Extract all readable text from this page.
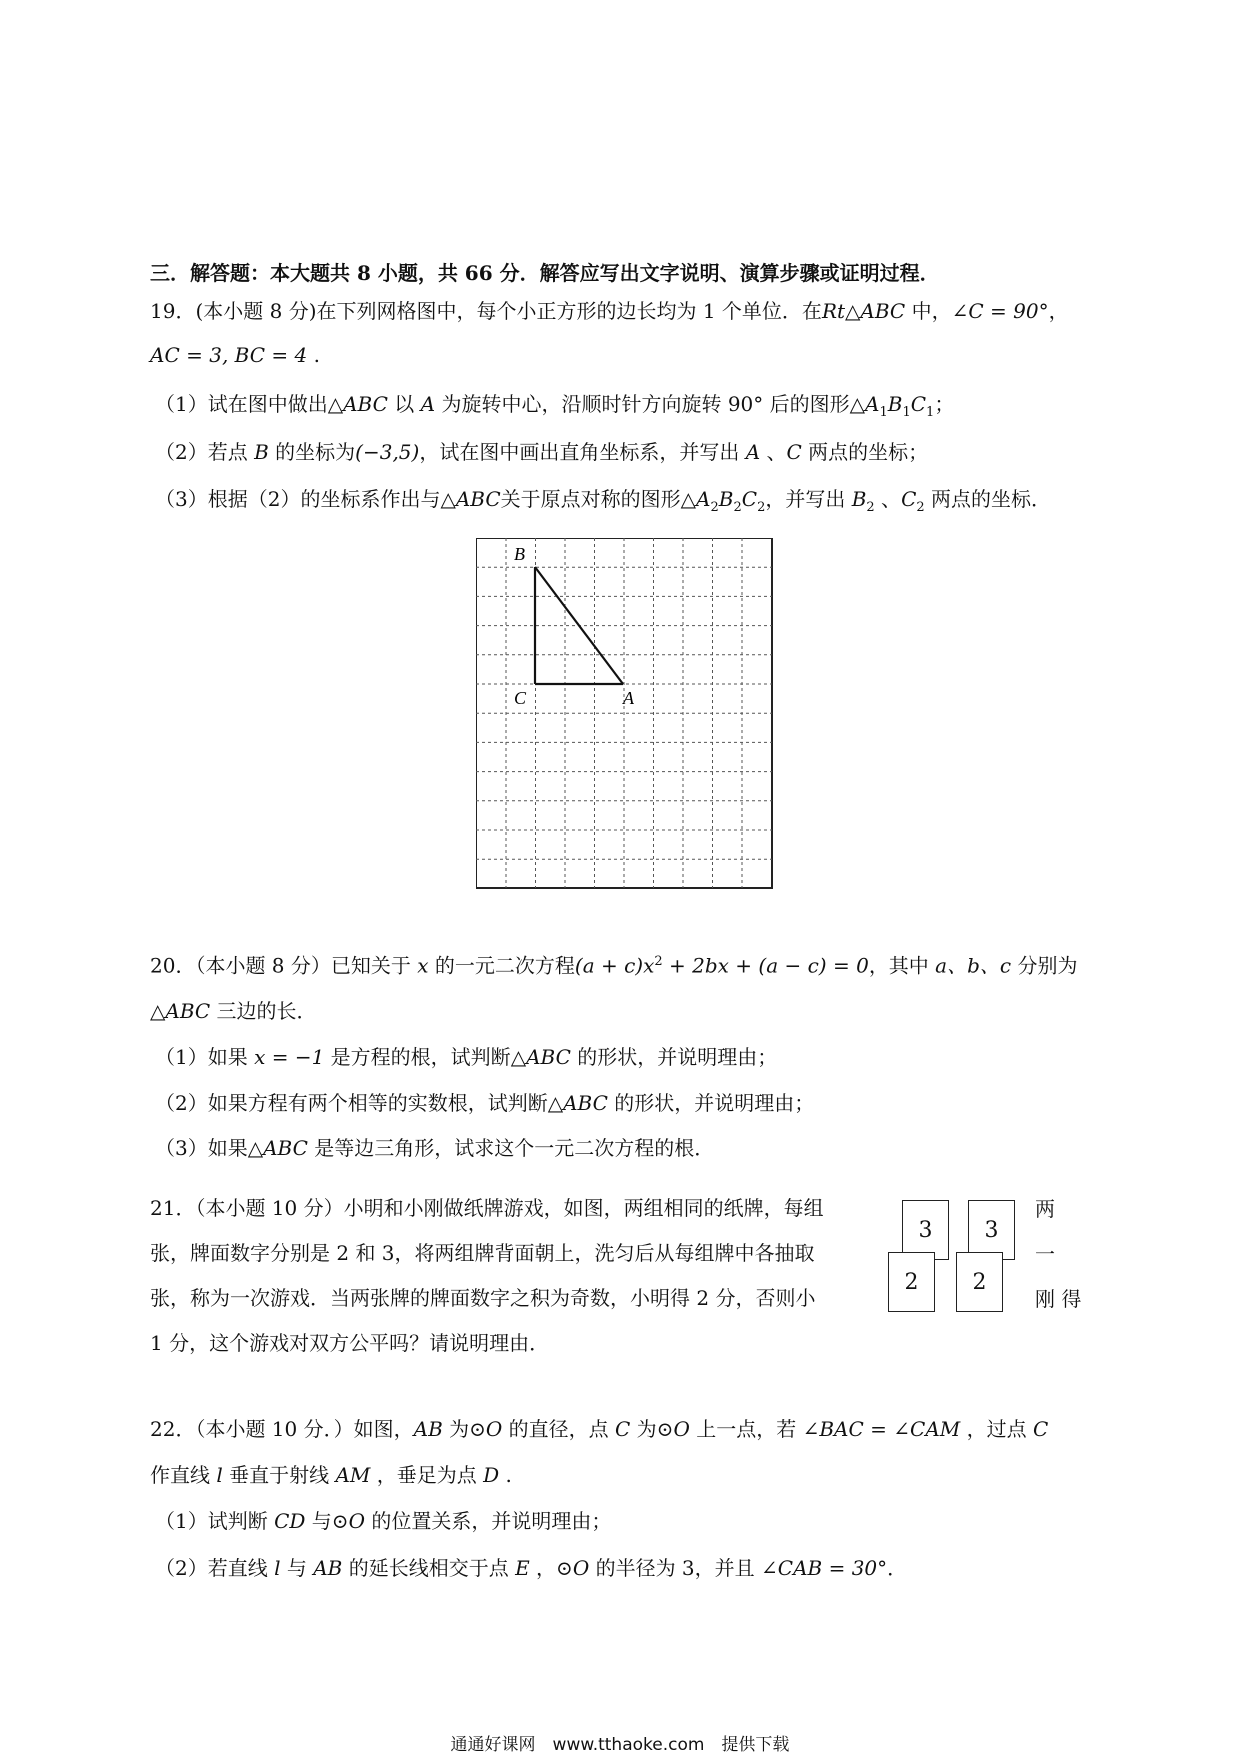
三．解答题：本大题共 8 小题，共 66 分．解答应写出文字说明、演算步骤或证明过程．
19．(本小题 8 分)在下列网格图中，每个小正方形的边长均为 1 个单位．在Rt△ABC 中，∠C = 90°，
AC = 3, BC = 4 .
（1）试在图中做出△ABC 以 A 为旋转中心，沿顺时针方向旋转 90° 后的图形$\triangle A_1B_1C_1$；
（2）若点 B 的坐标为(−3,5)，试在图中画出直角坐标系，并写出 A 、C 两点的坐标；
（3）根据（2）的坐标系作出与△ABC关于原点对称的图形$\triangle A_2B_2C_2$，并写出 $B_2$ 、$C_2$ 两点的坐标．
B
C	A
20．（本小题 8 分）已知关于 x 的一元二次方程$(a + c)x^2 + 2bx + (a - c) = 0$，其中 a、b、c 分别为
△ABC 三边的长．
（1）如果 x = −1 是方程的根，试判断△ABC 的形状，并说明理由；
（2）如果方程有两个相等的实数根，试判断△ABC 的形状，并说明理由；
（3）如果△ABC 是等边三角形，试求这个一元二次方程的根．
21．（本小题 10 分）小明和小刚做纸牌游戏，如图，两组相同的纸牌，每组
张，牌面数字分别是 2 和 3，将两组牌背面朝上，洗匀后从每组牌中各抽取
张，称为一次游戏．当两张牌的牌面数字之积为奇数，小明得 2 分，否则小
1 分，这个游戏对双方公平吗？请说明理由．
两
一
刚 得
3 3
2 2
22．（本小题 10 分．）如图，AB 为⊙O 的直径，点 C 为⊙O 上一点，若 ∠BAC = ∠CAM ，过点 C
作直线 l 垂直于射线 AM ，垂足为点 D .
（1）试判断 CD 与⊙O 的位置关系，并说明理由；
（2）若直线 l 与 AB 的延长线相交于点 E ，⊙O 的半径为 3，并且 ∠CAB = 30°．
通通好课网　www.tthaoke.com　提供下载
